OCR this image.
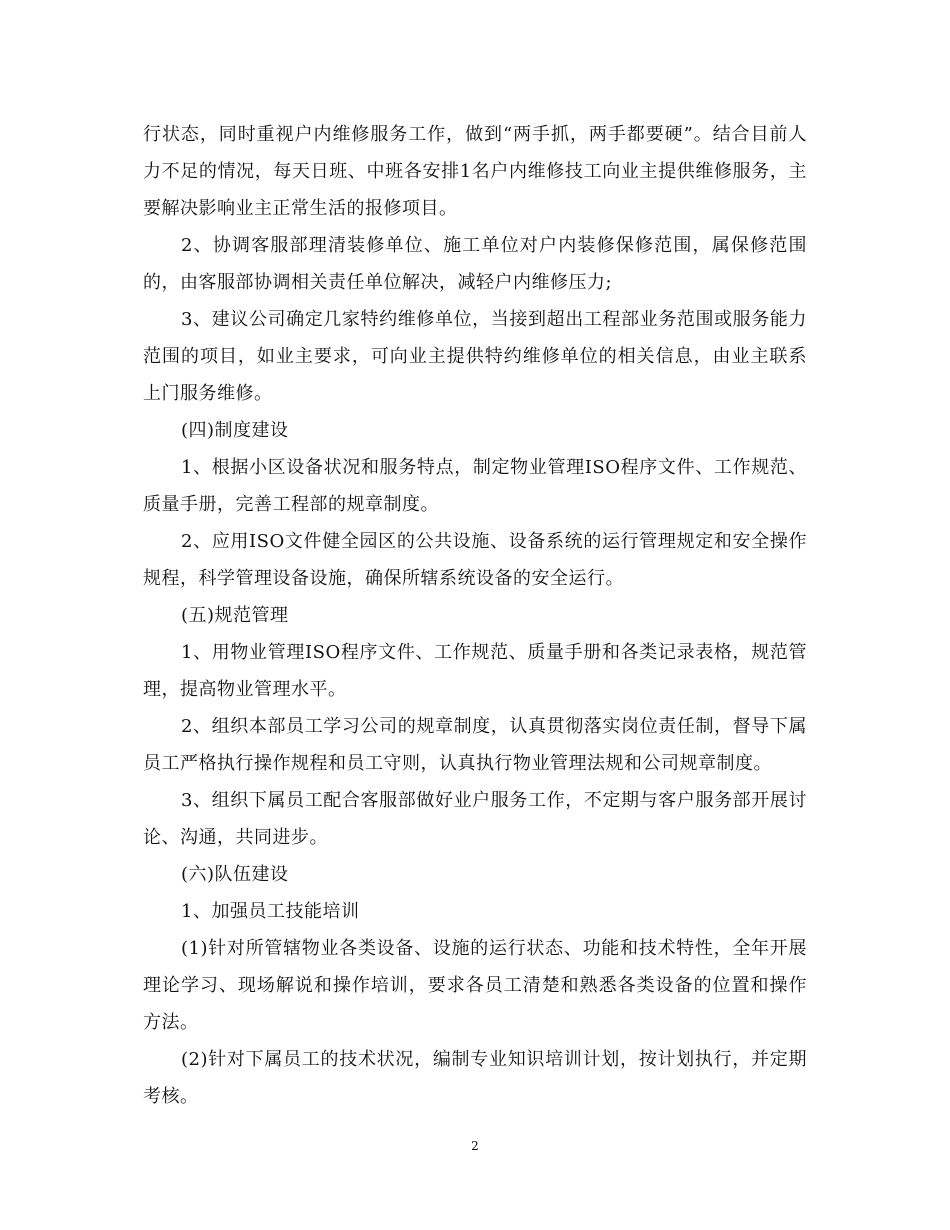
行状态，同时重视户内维修服务工作，做到“两手抓，两手都要硬”。结合目前人力不足的情况，每天日班、中班各安排1名户内维修技工向业主提供维修服务，主要解决影响业主正常生活的报修项目。

2、协调客服部理清装修单位、施工单位对户内装修保修范围，属保修范围的，由客服部协调相关责任单位解决，减轻户内维修压力;

3、建议公司确定几家特约维修单位，当接到超出工程部业务范围或服务能力范围的项目，如业主要求，可向业主提供特约维修单位的相关信息，由业主联系上门服务维修。

(四)制度建设

1、根据小区设备状况和服务特点，制定物业管理ISO程序文件、工作规范、质量手册，完善工程部的规章制度。

2、应用ISO文件健全园区的公共设施、设备系统的运行管理规定和安全操作规程，科学管理设备设施，确保所辖系统设备的安全运行。

(五)规范管理

1、用物业管理ISO程序文件、工作规范、质量手册和各类记录表格，规范管理，提高物业管理水平。

2、组织本部员工学习公司的规章制度，认真贯彻落实岗位责任制，督导下属员工严格执行操作规程和员工守则，认真执行物业管理法规和公司规章制度。

3、组织下属员工配合客服部做好业户服务工作，不定期与客户服务部开展讨论、沟通，共同进步。

(六)队伍建设

1、加强员工技能培训

(1)针对所管辖物业各类设备、设施的运行状态、功能和技术特性，全年开展理论学习、现场解说和操作培训，要求各员工清楚和熟悉各类设备的位置和操作方法。

(2)针对下属员工的技术状况，编制专业知识培训计划，按计划执行，并定期考核。

2
